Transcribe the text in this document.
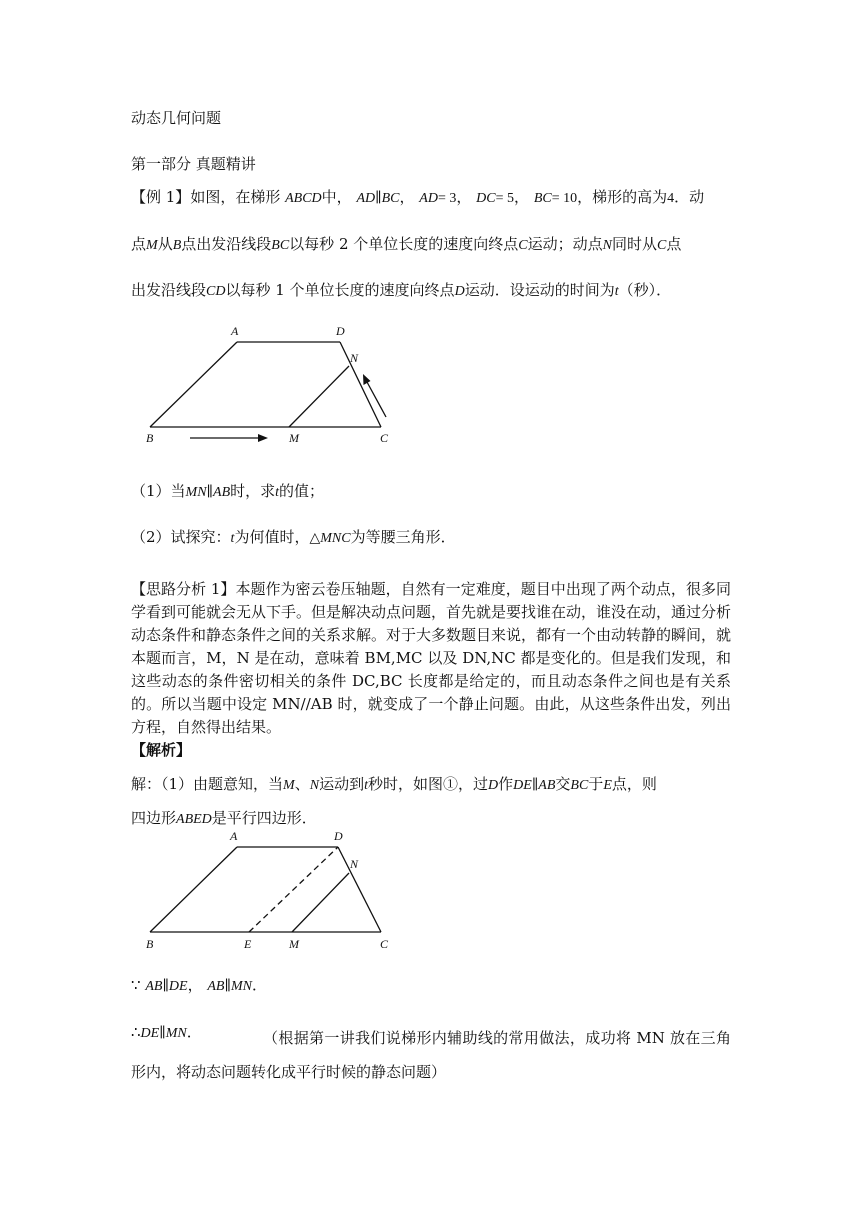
动态几何问题
第一部分 真题精讲
【例 1】如图，在梯形 ABCD中， AD∥BC， AD= 3， DC= 5， BC= 10，梯形的高为4．动
点M从B点出发沿线段BC以每秒 2 个单位长度的速度向终点C运动；动点N同时从C点
出发沿线段CD以每秒 1 个单位长度的速度向终点D运动．设运动的时间为t（秒）．
A	D
N
B	M	C
（1）当MN∥AB时，求t的值；
（2）试探究：t为何值时，△MNC为等腰三角形．
【思路分析 1】本题作为密云卷压轴题，自然有一定难度，题目中出现了两个动点，很多同学看到可能就会无从下手。但是解决动点问题，首先就是要找谁在动，谁没在动，通过分析动态条件和静态条件之间的关系求解。对于大多数题目来说，都有一个由动转静的瞬间，就本题而言，M，N 是在动，意味着 BM,MC 以及 DN,NC 都是变化的。但是我们发现，和这些动态的条件密切相关的条件 DC,BC 长度都是给定的，而且动态条件之间也是有关系的。所以当题中设定 MN//AB 时，就变成了一个静止问题。由此，从这些条件出发，列出方程，自然得出结果。
【解析】
解：（1）由题意知，当M、N运动到t秒时，如图①，过D作DE∥AB交BC于E点，则
四边形ABED是平行四边形．
A	D
N
B	E	M	C
∵ AB∥DE， AB∥MN．
∴DE∥MN．	（根据第一讲我们说梯形内辅助线的常用做法，成功将 MN 放在三角形内，将动态问题转化成平行时候的静态问题）
